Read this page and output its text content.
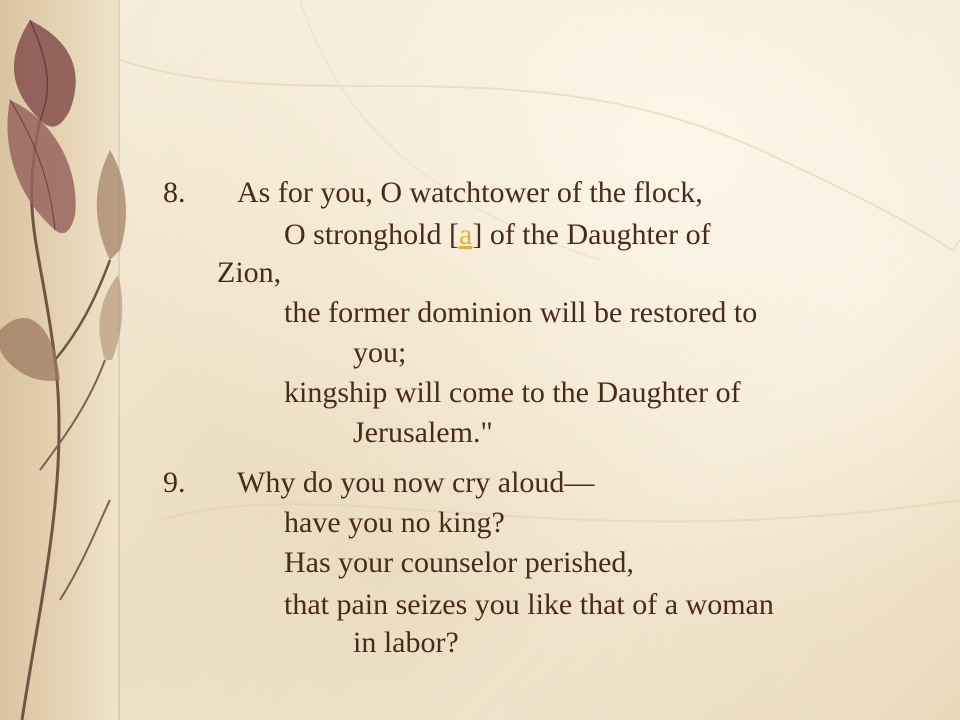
8. As for you, O watchtower of the flock,
O stronghold [a] of the Daughter of
Zion,
the former dominion will be restored to
you;
kingship will come to the Daughter of
Jerusalem."
9. Why do you now cry aloud—
have you no king?
Has your counselor perished,
that pain seizes you like that of a woman
in labor?
